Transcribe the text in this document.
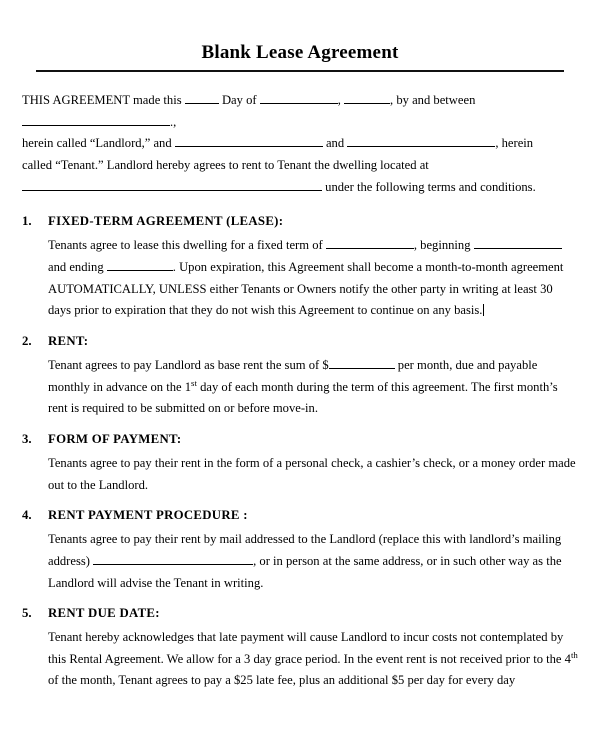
Blank Lease Agreement

THIS AGREEMENT made this	Day of	,	, by and between .,
herein called “Landlord,” and	and	, herein
called “Tenant.” Landlord hereby agrees to rent to Tenant the dwelling located at
under the following terms and conditions.

1.	FIXED-TERM AGREEMENT (LEASE):
Tenants agree to lease this dwelling for a fixed term of	, beginning  and ending	. Upon expiration, this Agreement shall become a month-to-month agreement AUTOMATICALLY, UNLESS either Tenants or Owners notify the other party in writing at least 30 days prior to expiration that they do not wish this Agreement to continue on any basis.
2.	RENT:
Tenant agrees to pay Landlord as base rent the sum of $	per month, due and payable monthly in advance on the 1st day of each month during the term of this agreement. The first month’s rent is required to be submitted on or before move-in.
3.	FORM OF PAYMENT:
Tenants agree to pay their rent in the form of a personal check, a cashier’s check, or a money order made out to the Landlord.
4.	RENT PAYMENT PROCEDURE :
Tenants agree to pay their rent by mail addressed to the Landlord (replace this with landlord’s mailing address)	, or in person at the same address, or in such other way as the Landlord will advise the Tenant in writing.
5.	RENT DUE DATE:
Tenant hereby acknowledges that late payment will cause Landlord to incur costs not contemplated by this Rental Agreement. We allow for a 3 day grace period. In the event rent is not received prior to the 4th of the month, Tenant agrees to pay a $25 late fee, plus an additional $5 per day for every day
